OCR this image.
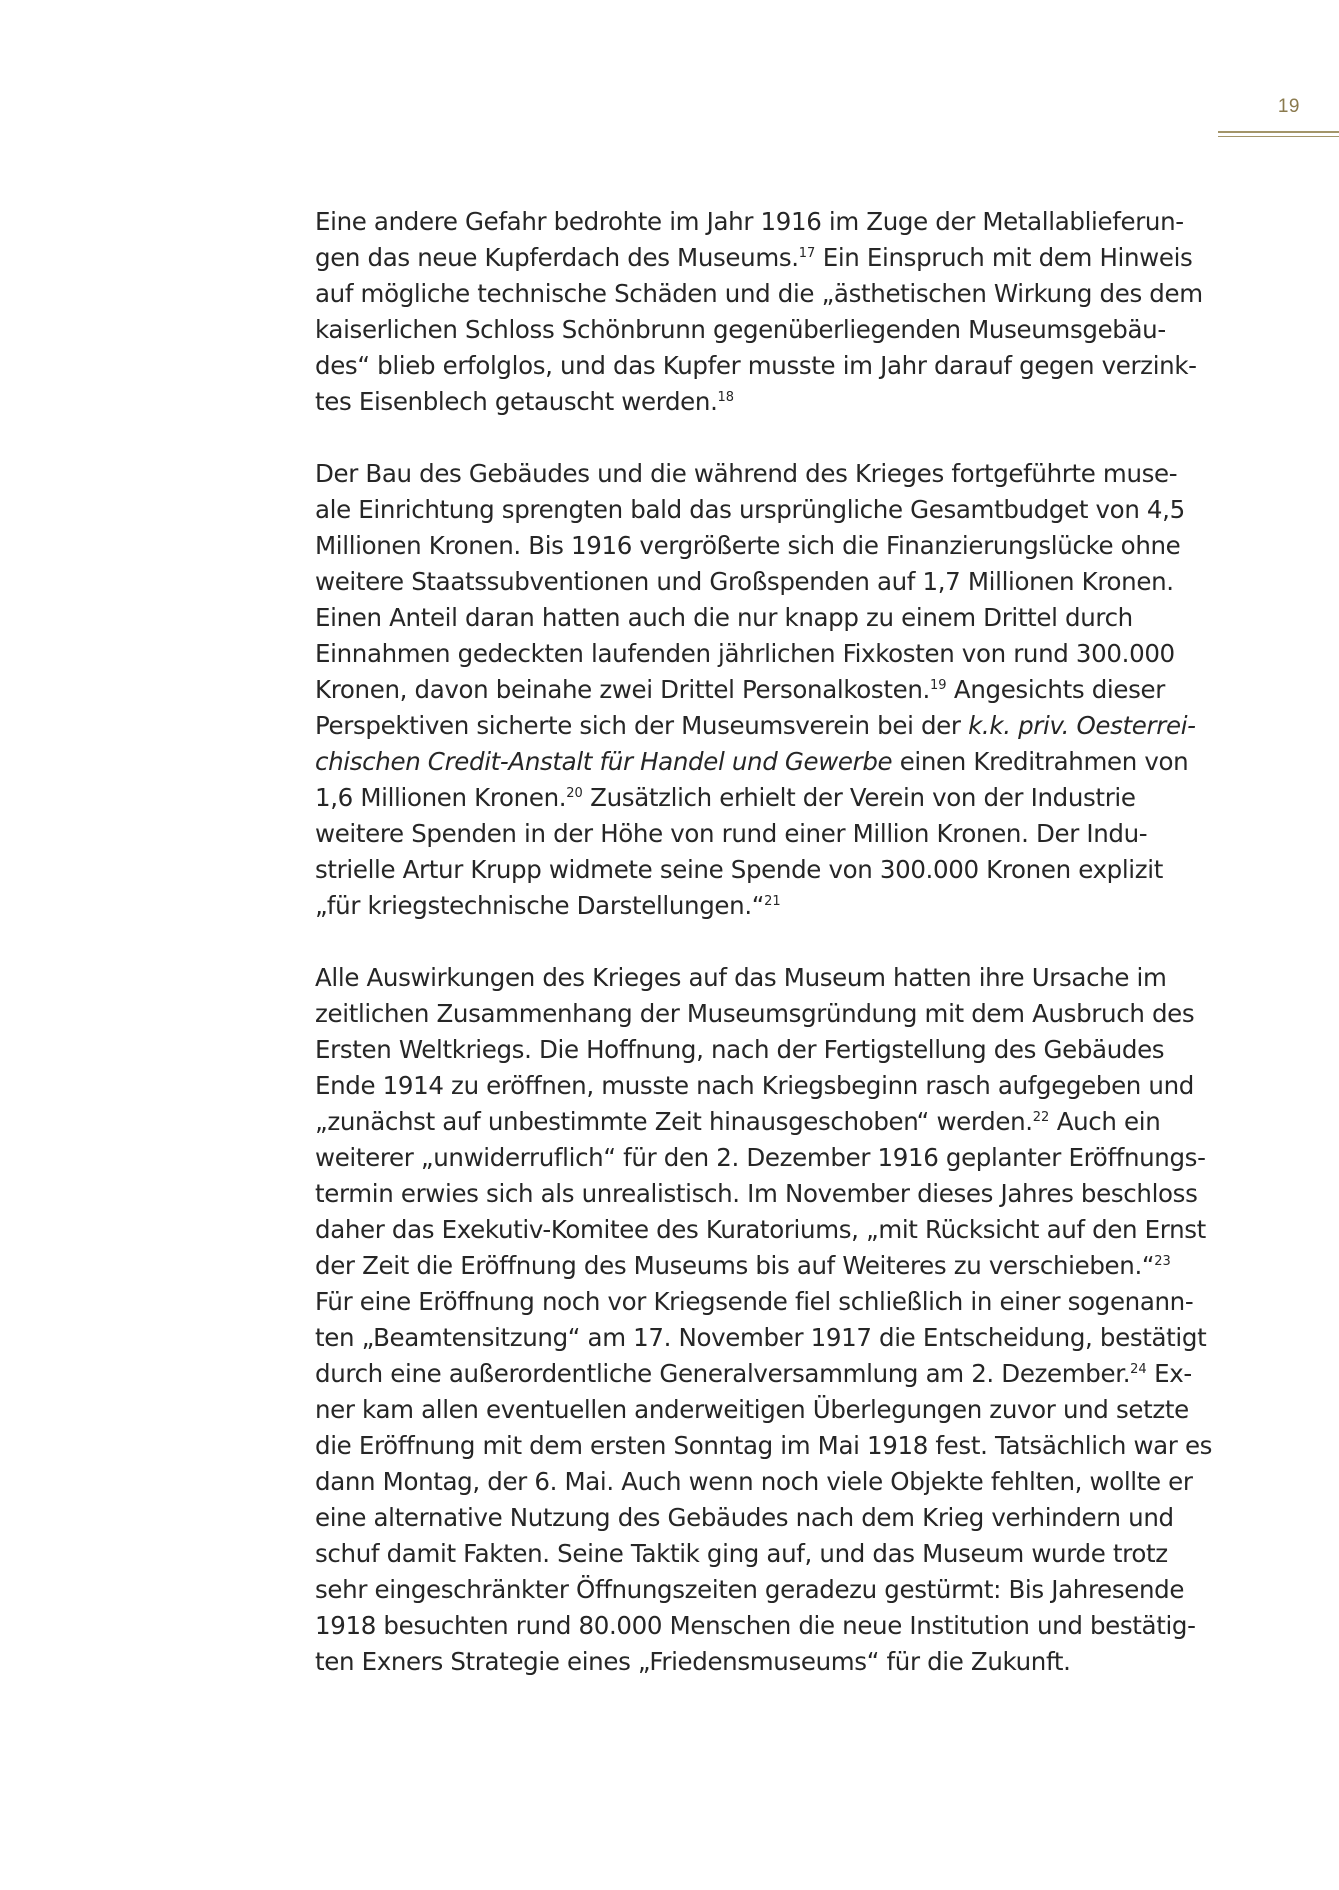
19
Eine andere Gefahr bedrohte im Jahr 1916 im Zuge der Metallablieferun-
gen das neue Kupferdach des Museums.$^{17}$ Ein Einspruch mit dem Hinweis
auf mögliche technische Schäden und die „ästhetischen Wirkung des dem
kaiserlichen Schloss Schönbrunn gegenüberliegenden Museumsgebäu-
des“ blieb erfolglos, und das Kupfer musste im Jahr darauf gegen verzink-
tes Eisenblech getauscht werden.$^{18}$
Der Bau des Gebäudes und die während des Krieges fortgeführte muse-
ale Einrichtung sprengten bald das ursprüngliche Gesamtbudget von 4,5
Millionen Kronen. Bis 1916 vergrößerte sich die Finanzierungslücke ohne
weitere Staatssubventionen und Großspenden auf 1,7 Millionen Kronen.
Einen Anteil daran hatten auch die nur knapp zu einem Drittel durch
Einnahmen gedeckten laufenden jährlichen Fixkosten von rund 300.000
Kronen, davon beinahe zwei Drittel Personalkosten.$^{19}$ Angesichts dieser
Perspektiven sicherte sich der Museumsverein bei der k.k. priv. Oesterrei-
chischen Credit-Anstalt für Handel und Gewerbe einen Kreditrahmen von
1,6 Millionen Kronen.$^{20}$ Zusätzlich erhielt der Verein von der Industrie
weitere Spenden in der Höhe von rund einer Million Kronen. Der Indu-
strielle Artur Krupp widmete seine Spende von 300.000 Kronen explizit
„für kriegstechnische Darstellungen.“$^{21}$
Alle Auswirkungen des Krieges auf das Museum hatten ihre Ursache im
zeitlichen Zusammenhang der Museumsgründung mit dem Ausbruch des
Ersten Weltkriegs. Die Hoffnung, nach der Fertigstellung des Gebäudes
Ende 1914 zu eröffnen, musste nach Kriegsbeginn rasch aufgegeben und
„zunächst auf unbestimmte Zeit hinausgeschoben“ werden.$^{22}$ Auch ein
weiterer „unwiderruflich“ für den 2. Dezember 1916 geplanter Eröffnungs-
termin erwies sich als unrealistisch. Im November dieses Jahres beschloss
daher das Exekutiv-Komitee des Kuratoriums, „mit Rücksicht auf den Ernst
der Zeit die Eröffnung des Museums bis auf Weiteres zu verschieben.“$^{23}$
Für eine Eröffnung noch vor Kriegsende fiel schließlich in einer sogenann-
ten „Beamtensitzung“ am 17. November 1917 die Entscheidung, bestätigt
durch eine außerordentliche Generalversammlung am 2. Dezember.$^{24}$ Ex-
ner kam allen eventuellen anderweitigen Überlegungen zuvor und setzte
die Eröffnung mit dem ersten Sonntag im Mai 1918 fest. Tatsächlich war es
dann Montag, der 6. Mai. Auch wenn noch viele Objekte fehlten, wollte er
eine alternative Nutzung des Gebäudes nach dem Krieg verhindern und
schuf damit Fakten. Seine Taktik ging auf, und das Museum wurde trotz
sehr eingeschränkter Öffnungszeiten geradezu gestürmt: Bis Jahresende
1918 besuchten rund 80.000 Menschen die neue Institution und bestätig-
ten Exners Strategie eines „Friedensmuseums“ für die Zukunft.
